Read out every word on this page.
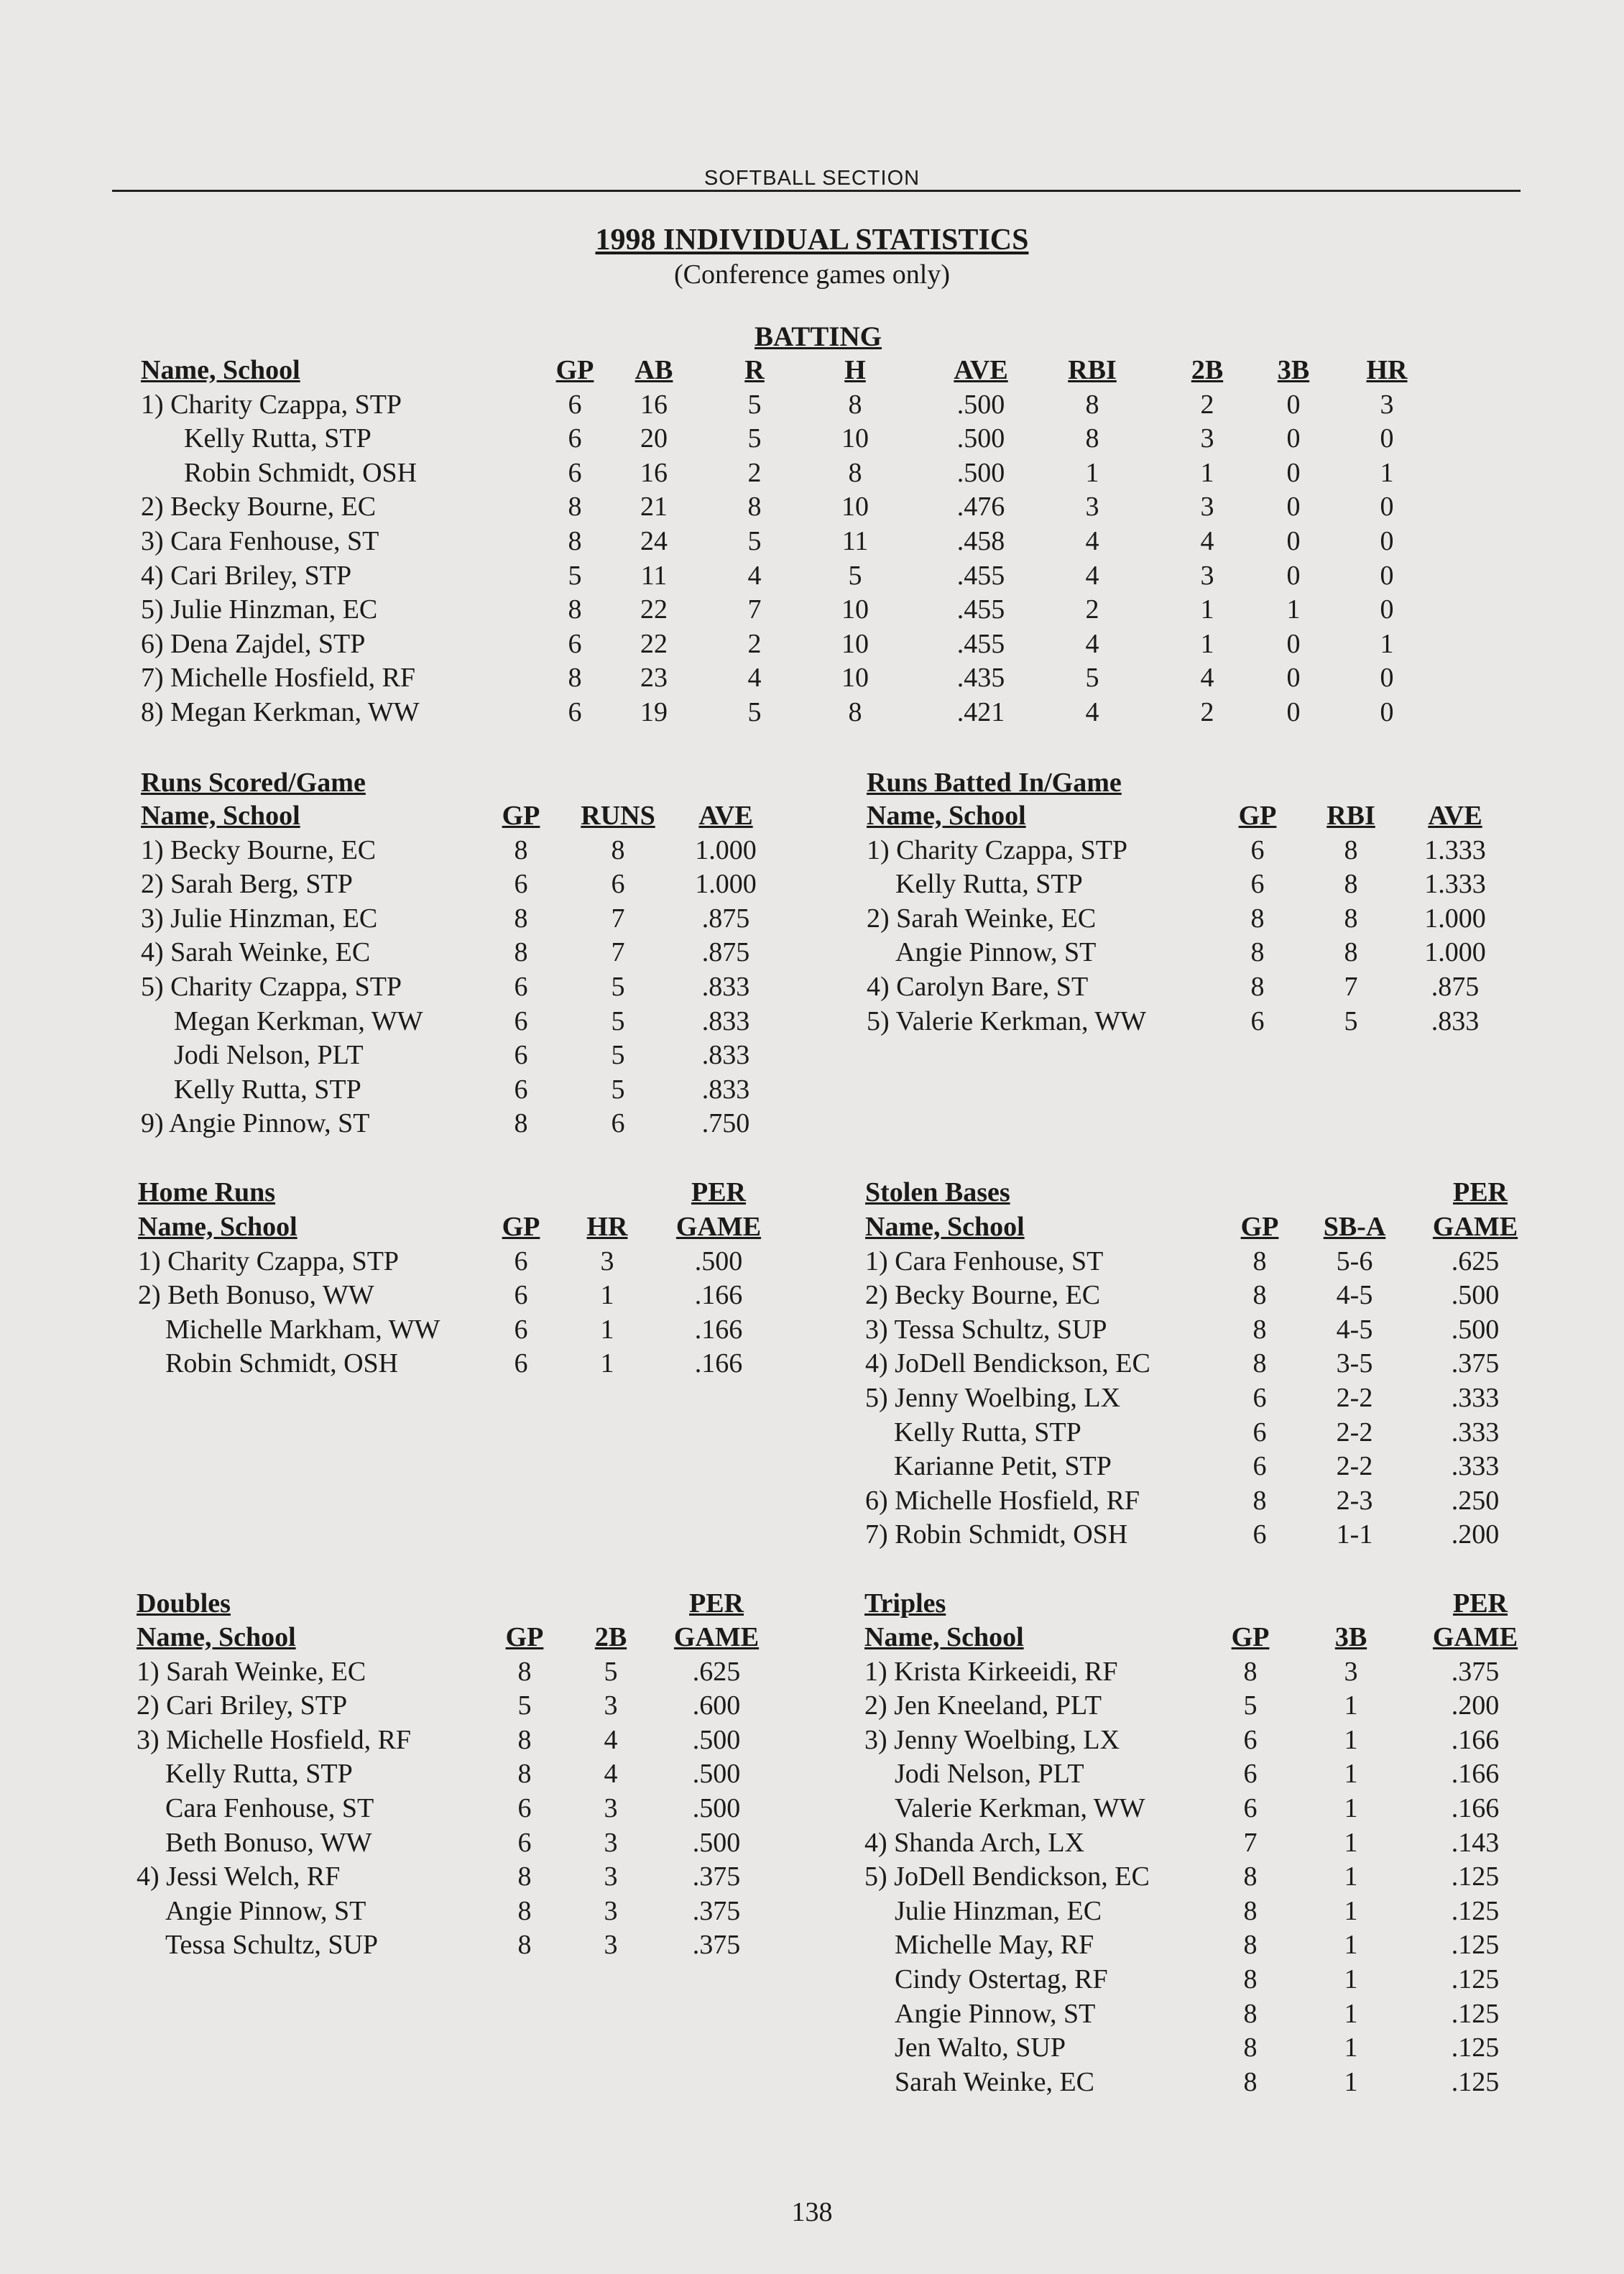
SOFTBALL SECTION
1998 INDIVIDUAL STATISTICS
(Conference games only)
BATTING
Name, School	GP	AB	R	H	AVE	RBI	2B	3B	HR
1) Charity Czappa, STP	6	16	5	8	.500	8	2	0	3
Kelly Rutta, STP	6	20	5	10	.500	8	3	0	0
Robin Schmidt, OSH	6	16	2	8	.500	1	1	0	1
2) Becky Bourne, EC	8	21	8	10	.476	3	3	0	0
3) Cara Fenhouse, ST	8	24	5	11	.458	4	4	0	0
4) Cari Briley, STP	5	11	4	5	.455	4	3	0	0
5) Julie Hinzman, EC	8	22	7	10	.455	2	1	1	0
6) Dena Zajdel, STP	6	22	2	10	.455	4	1	0	1
7) Michelle Hosfield, RF	8	23	4	10	.435	5	4	0	0
8) Megan Kerkman, WW	6	19	5	8	.421	4	2	0	0
Runs Scored/Game
Name, School	GP RUNS	AVE
1) Becky Bourne, EC	8	8	1.000
2) Sarah Berg, STP	6	6	1.000
3) Julie Hinzman, EC	8	7	.875
4) Sarah Weinke, EC	8	7	.875
5) Charity Czappa, STP	6	5	.833
Megan Kerkman, WW	6	5	.833
Jodi Nelson, PLT	6	5	.833
Kelly Rutta, STP	6	5	.833
9) Angie Pinnow, ST	8	6	.750
Runs Batted In/Game
Name, School	GP RBI	AVE
1) Charity Czappa, STP	6	8	1.333
Kelly Rutta, STP	6	8	1.333
2) Sarah Weinke, EC	8	8	1.000
Angie Pinnow, ST	8	8	1.000
4) Carolyn Bare, ST	8	7	.875
5) Valerie Kerkman, WW	6	5	.833
Home Runs	PER
Name, School	GP HR GAME
1) Charity Czappa, STP	6	3	.500
2) Beth Bonuso, WW	6	1	.166
Michelle Markham, WW	6	1	.166
Robin Schmidt, OSH	6	1	.166
Stolen Bases	PER
Name, School	GP SB-A GAME
1) Cara Fenhouse, ST	8	5-6	.625
2) Becky Bourne, EC	8	4-5	.500
3) Tessa Schultz, SUP	8	4-5	.500
4) JoDell Bendickson, EC	8	3-5	.375
5) Jenny Woelbing, LX	6	2-2	.333
Kelly Rutta, STP	6	2-2	.333
Karianne Petit, STP	6	2-2	.333
6) Michelle Hosfield, RF	8	2-3	.250
7) Robin Schmidt, OSH	6	1-1	.200
Doubles	PER
Name, School	GP	2B	GAME
1) Sarah Weinke, EC	8	5	.625
2) Cari Briley, STP	5	3	.600
3) Michelle Hosfield, RF	8	4	.500
Kelly Rutta, STP	8	4	.500
Cara Fenhouse, ST	6	3	.500
Beth Bonuso, WW	6	3	.500
4) Jessi Welch, RF	8	3	.375
Angie Pinnow, ST	8	3	.375
Tessa Schultz, SUP	8	3	.375
Triples	PER
Name, School	GP	3B	GAME
1) Krista Kirkeeidi, RF	8	3	.375
2) Jen Kneeland, PLT	5	1	.200
3) Jenny Woelbing, LX	6	1	.166
Jodi Nelson, PLT	6	1	.166
Valerie Kerkman, WW	6	1	.166
4) Shanda Arch, LX	7	1	.143
5) JoDell Bendickson, EC	8	1	.125
Julie Hinzman, EC	8	1	.125
Michelle May, RF	8	1	.125
Cindy Ostertag, RF	8	1	.125
Angie Pinnow, ST	8	1	.125
Jen Walto, SUP	8	1	.125
Sarah Weinke, EC	8	1	.125
138
